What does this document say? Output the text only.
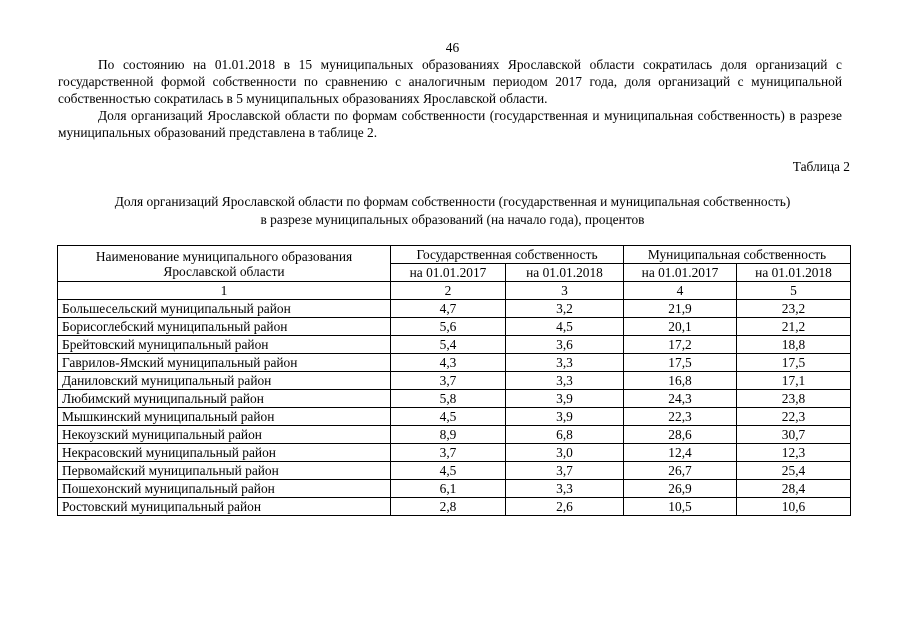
46

По состоянию на 01.01.2018 в 15 муниципальных образованиях Ярославской области сократилась доля организаций с государственной формой собственности по сравнению с аналогичным периодом 2017 года, доля организаций с муниципальной собственностью сократилась в 5 муниципальных образованиях Ярославской области.

Доля организаций Ярославской области по формам собственности (государственная и муниципальная собственность) в разрезе муниципальных образований представлена в таблице 2.

Таблица 2
Доля организаций Ярославской области по формам собственности (государственная и муниципальная собственность)
в разрезе муниципальных образований (на начало года), процентов
Наименование муниципального образования
Ярославской области	Государственная собственность		Муниципальная собственность	
	на 01.01.2017	на 01.01.2018	на 01.01.2017	на 01.01.2018
1	2	3	4	5
Большесельский муниципальный район	4,7	3,2	21,9	23,2
Борисоглебский муниципальный район	5,6	4,5	20,1	21,2
Брейтовский муниципальный район	5,4	3,6	17,2	18,8
Гаврилов-Ямский муниципальный район	4,3	3,3	17,5	17,5
Даниловский муниципальный район	3,7	3,3	16,8	17,1
Любимский муниципальный район	5,8	3,9	24,3	23,8
Мышкинский муниципальный район	4,5	3,9	22,3	22,3
Некоузский муниципальный район	8,9	6,8	28,6	30,7
Некрасовский муниципальный район	3,7	3,0	12,4	12,3
Первомайский муниципальный район	4,5	3,7	26,7	25,4
Пошехонский муниципальный район	6,1	3,3	26,9	28,4
Ростовский муниципальный район	2,8	2,6	10,5	10,6
